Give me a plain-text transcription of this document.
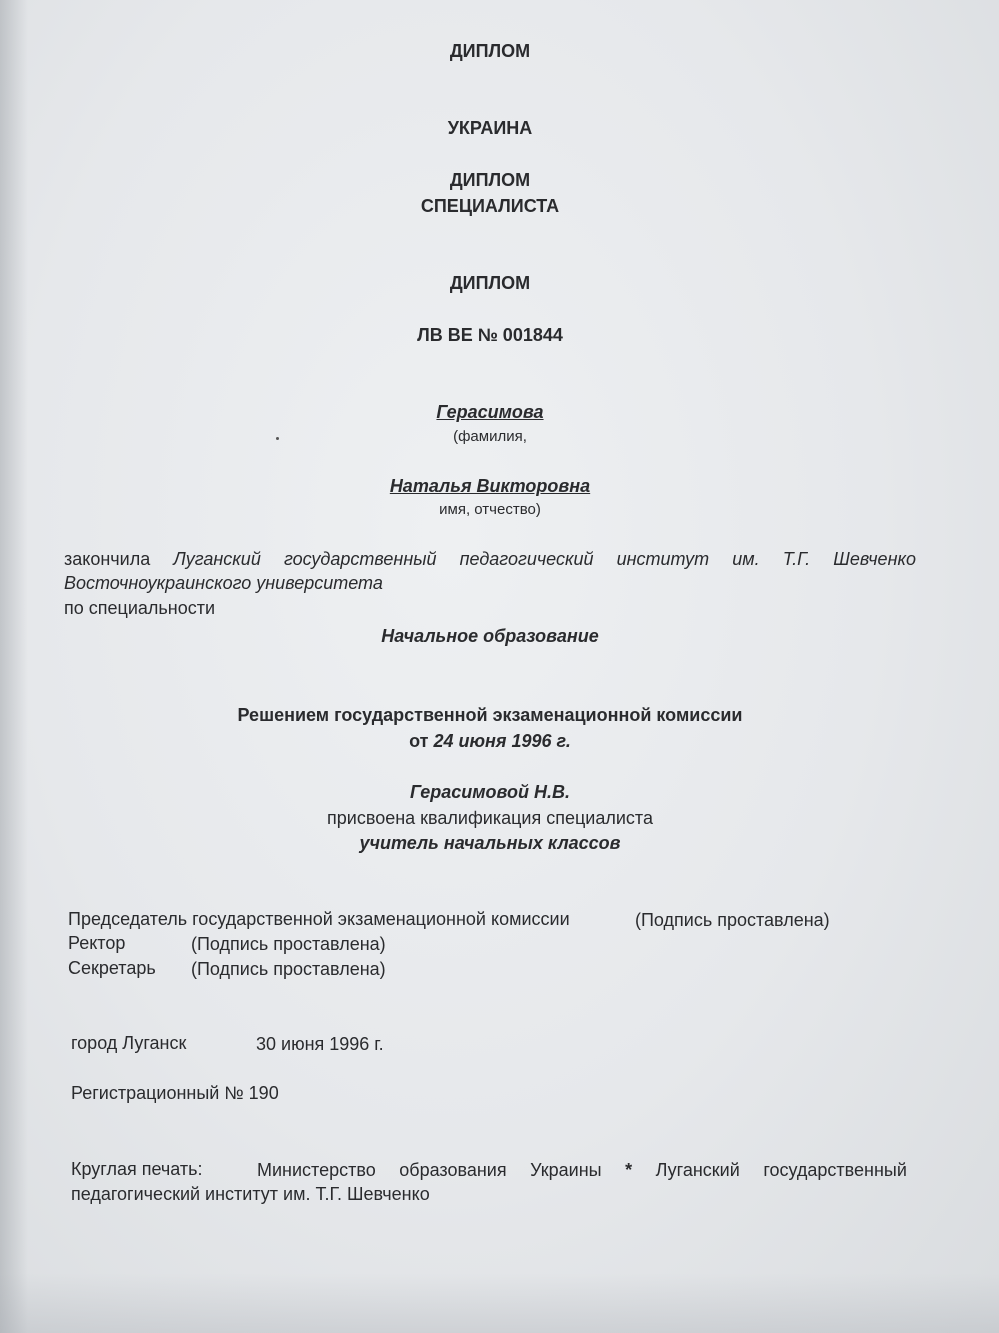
ДИПЛОМ
УКРАИНА
ДИПЛОМ
СПЕЦИАЛИСТА
ДИПЛОМ
ЛВ ВЕ № 001844
Герасимова
(фамилия,
Наталья Викторовна
имя, отчество)
закончила Луганский государственный педагогический институт им. Т.Г. Шевченко
Восточноукраинского университета
по специальности
Начальное образование
Решением государственной экзаменационной комиссии
от 24 июня 1996 г.
Герасимовой Н.В.
присвоена квалификация специалиста
учитель начальных классов
Председатель государственной экзаменационной комиссии	(Подпись проставлена)
Ректор	(Подпись проставлена)
Секретарь (Подпись проставлена)
город Луганск	30 июня 1996 г.
Регистрационный № 190
Круглая печать:	Министерство образования Украины * Луганский государственный
педагогический институт им. Т.Г. Шевченко
